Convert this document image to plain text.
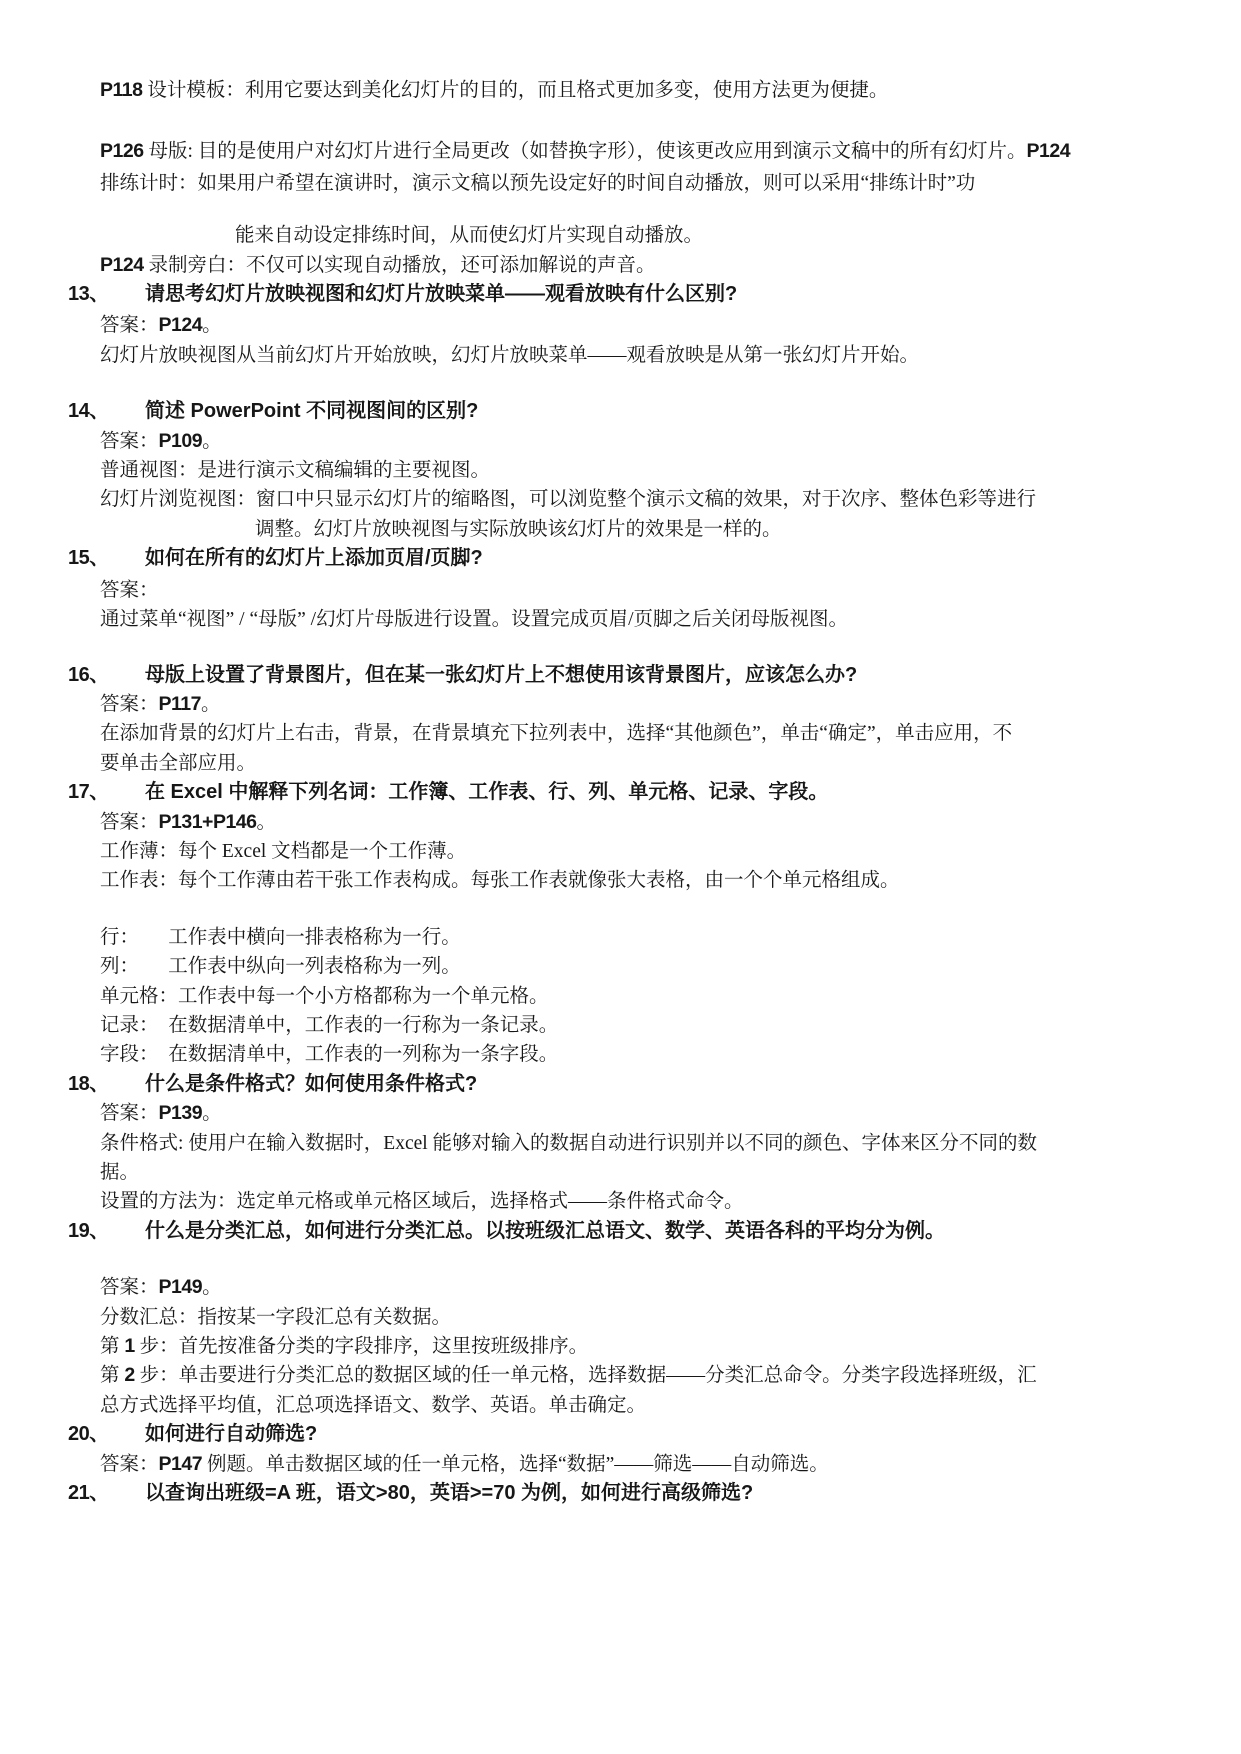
P118 设计模板：利用它要达到美化幻灯片的目的，而且格式更加多变，使用方法更为便捷。
P126 母版: 目的是使用户对幻灯片进行全局更改（如替换字形），使该更改应用到演示文稿中的所有幻灯片。P124
排练计时：如果用户希望在演讲时，演示文稿以预先设定好的时间自动播放，则可以采用“排练计时”功
能来自动设定排练时间，从而使幻灯片实现自动播放。
P124 录制旁白：不仅可以实现自动播放，还可添加解说的声音。
13、 请思考幻灯片放映视图和幻灯片放映菜单——观看放映有什么区别?
答案：P124。
幻灯片放映视图从当前幻灯片开始放映，幻灯片放映菜单——观看放映是从第一张幻灯片开始。
14、 简述 PowerPoint 不同视图间的区别?
答案：P109。
普通视图：是进行演示文稿编辑的主要视图。
幻灯片浏览视图：窗口中只显示幻灯片的缩略图，可以浏览整个演示文稿的效果，对于次序、整体色彩等进行
调整。幻灯片放映视图与实际放映该幻灯片的效果是一样的。
15、 如何在所有的幻灯片上添加页眉/页脚?
答案：
通过菜单“视图” / “母版” /幻灯片母版进行设置。设置完成页眉/页脚之后关闭母版视图。
16、 母版上设置了背景图片，但在某一张幻灯片上不想使用该背景图片，应该怎么办?
答案：P117。
在添加背景的幻灯片上右击，背景，在背景填充下拉列表中，选择“其他颜色”，单击“确定”，单击应用，不
要单击全部应用。
17、 在 Excel 中解释下列名词：工作簿、工作表、行、列、单元格、记录、字段。
答案：P131+P146。
工作薄：每个 Excel 文档都是一个工作薄。
工作表：每个工作薄由若干张工作表构成。每张工作表就像张大表格，由一个个单元格组成。
行：　　工作表中横向一排表格称为一行。
列：　　工作表中纵向一列表格称为一列。
单元格：工作表中每一个小方格都称为一个单元格。
记录：　在数据清单中，工作表的一行称为一条记录。
字段：　在数据清单中，工作表的一列称为一条字段。
18、 什么是条件格式？如何使用条件格式?
答案：P139。
条件格式: 使用户在输入数据时，Excel 能够对输入的数据自动进行识别并以不同的颜色、字体来区分不同的数
据。
设置的方法为：选定单元格或单元格区域后，选择格式——条件格式命令。
19、 什么是分类汇总，如何进行分类汇总。以按班级汇总语文、数学、英语各科的平均分为例。
答案：P149。
分数汇总：指按某一字段汇总有关数据。
第 1 步：首先按准备分类的字段排序，这里按班级排序。
第 2 步：单击要进行分类汇总的数据区域的任一单元格，选择数据——分类汇总命令。分类字段选择班级，汇
总方式选择平均值，汇总项选择语文、数学、英语。单击确定。
20、 如何进行自动筛选?
答案：P147 例题。单击数据区域的任一单元格，选择“数据”——筛选——自动筛选。
21、 以查询出班级=A 班，语文>80，英语>=70 为例，如何进行高级筛选?
